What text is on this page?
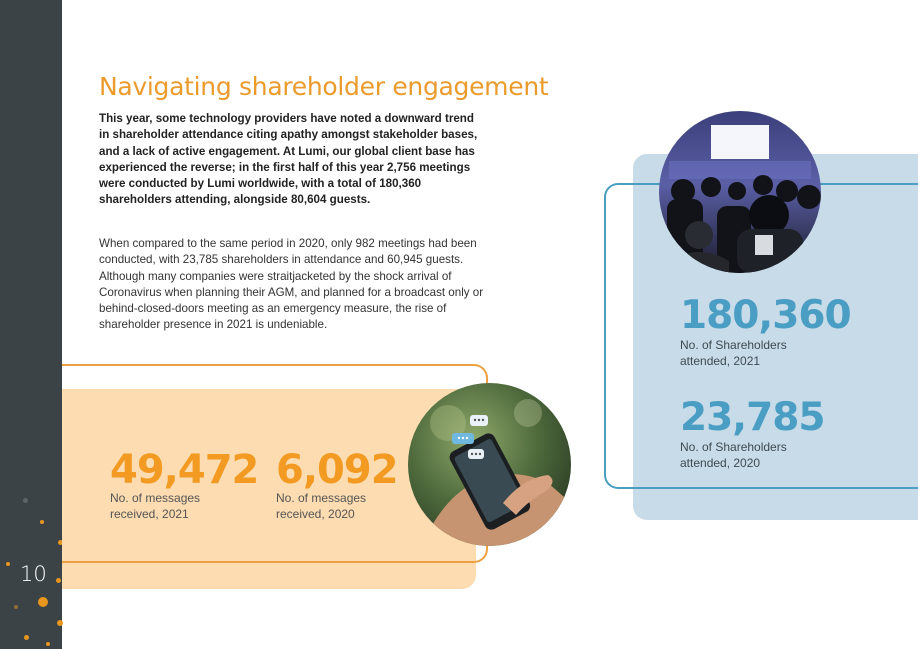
10
Navigating shareholder engagement

This year, some technology providers have noted a downward trend in shareholder attendance citing apathy amongst stakeholder bases, and a lack of active engagement. At Lumi, our global client base has experienced the reverse; in the first half of this year 2,756 meetings were conducted by Lumi worldwide, with a total of 180,360 shareholders attending, alongside 80,604 guests.

When compared to the same period in 2020, only 982 meetings had been conducted, with 23,785 shareholders in attendance and 60,945 guests. Although many companies were straitjacketed by the shock arrival of Coronavirus when planning their AGM, and planned for a broadcast only or behind-closed-doors meeting as an emergency measure, the rise of shareholder presence in 2021 is undeniable.

49,472
No. of messages
received, 2021
6,092
No. of messages
received, 2020
180,360
No. of Shareholders
attended, 2021
23,785
No. of Shareholders
attended, 2020
